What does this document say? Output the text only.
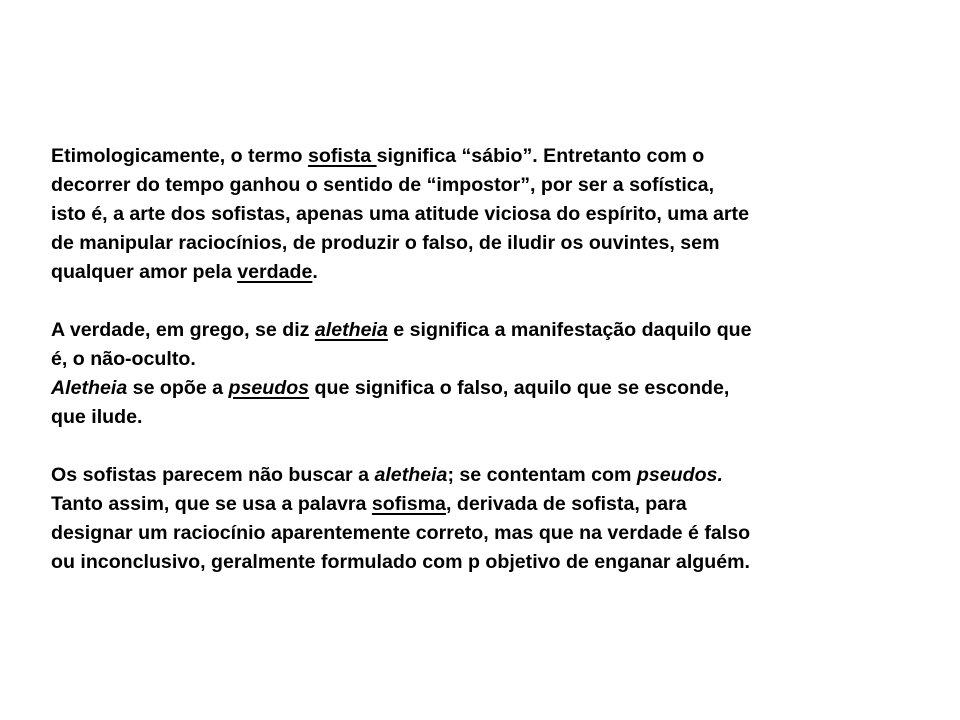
Etimologicamente, o termo sofista significa “sábio”. Entretanto com o
decorrer do tempo ganhou o sentido de “impostor”, por ser a sofística,
isto é, a arte dos sofistas, apenas uma atitude viciosa do espírito, uma arte
de manipular raciocínios, de produzir o falso, de iludir os ouvintes, sem
qualquer amor pela verdade.
A verdade, em grego, se diz aletheia e significa a manifestação daquilo que
é, o não-oculto.
Aletheia se opõe a pseudos que significa o falso, aquilo que se esconde,
que ilude.
Os sofistas parecem não buscar a aletheia; se contentam com pseudos.
Tanto assim, que se usa a palavra sofisma, derivada de sofista, para
designar um raciocínio aparentemente correto, mas que na verdade é falso
ou inconclusivo, geralmente formulado com p objetivo de enganar alguém.
